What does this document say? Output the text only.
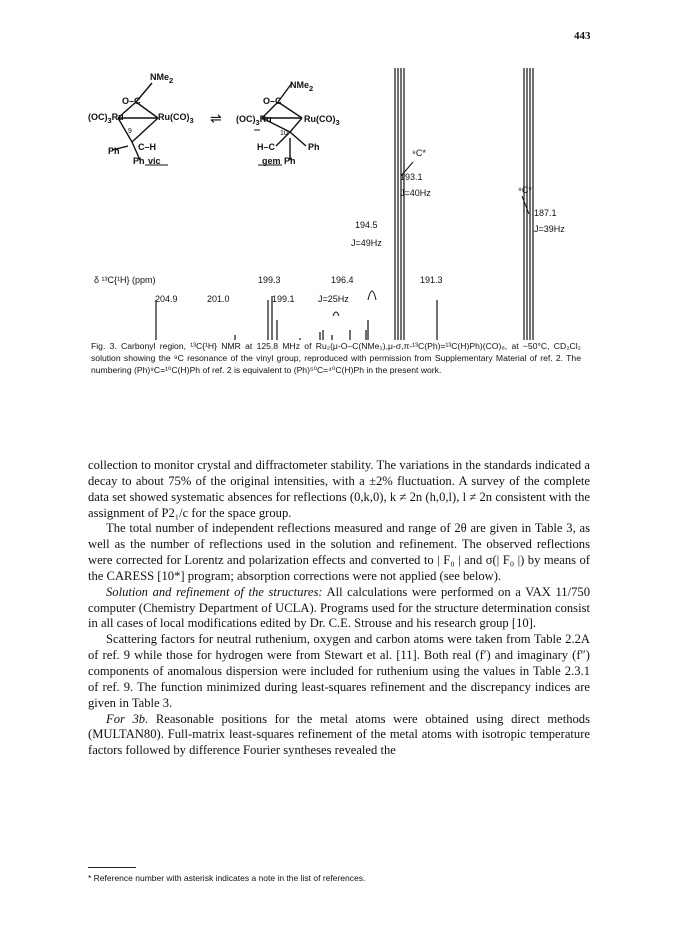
443
NMe$_2$
O–C
$(OC)_3Ru$	$Ru(CO)_3$
9
Ph C–H
Ph vic
⇌
NMe$_2$
O–C
$(OC)_3Ru$	$Ru(CO)_3$
10
H–C	Ph
Ph
gem
⁹C*
193.1
J=40Hz	⁹C*
187.1
J=39Hz
194.5
J=49Hz
δ ¹³C{¹H} (ppm)	199.3	196.4	191.3
204.9	201.0	199.1	J=25Hz
Fig. 3. Carbonyl region, ¹³C{¹H} NMR at 125.8 MHz of Ru₂(μ-O–C(NMe₂),μ-σ,π-¹³C(Ph)=¹³C(H)Ph)(CO)₆, at −50°C, CD₂Cl₂ solution showing the ⁹C resonance of the vinyl group, reproduced with permission from Supplementary Material of ref. 2. The numbering (Ph)⁹C=¹⁰C(H)Ph of ref. 2 is equivalent to (Ph)⁵⁰C=⁴⁰C(H)Ph in the present work.

collection to monitor crystal and diffractometer stability. The variations in the standards indicated a decay to about 75% of the original intensities, with a ±2% fluctuation. A survey of the complete data set showed systematic absences for reflections (0,k,0), k ≠ 2n (h,0,l), l ≠ 2n consistent with the assignment of P2₁/c for the space group.

The total number of independent reflections measured and range of 2θ are given in Table 3, as well as the number of reflections used in the solution and refinement. The observed reflections were corrected for Lorentz and polarization effects and converted to | F₀ | and σ(| F₀ |) by means of the CARESS [10*] program; absorption corrections were not applied (see below).

Solution and refinement of the structures: All calculations were performed on a VAX 11/750 computer (Chemistry Department of UCLA). Programs used for the structure determination consist in all cases of local modifications edited by Dr. C.E. Strouse and his research group [10].

Scattering factors for neutral ruthenium, oxygen and carbon atoms were taken from Table 2.2A of ref. 9 while those for hydrogen were from Stewart et al. [11]. Both real (f′) and imaginary (f″) components of anomalous dispersion were included for ruthenium using the values in Table 2.3.1 of ref. 9. The function minimized during least-squares refinement and the discrepancy indices are given in Table 3.

For 3b. Reasonable positions for the metal atoms were obtained using direct methods (MULTAN80). Full-matrix least-squares refinement of the metal atoms with isotropic temperature factors followed by difference Fourier syntheses revealed the

* Reference number with asterisk indicates a note in the list of references.
